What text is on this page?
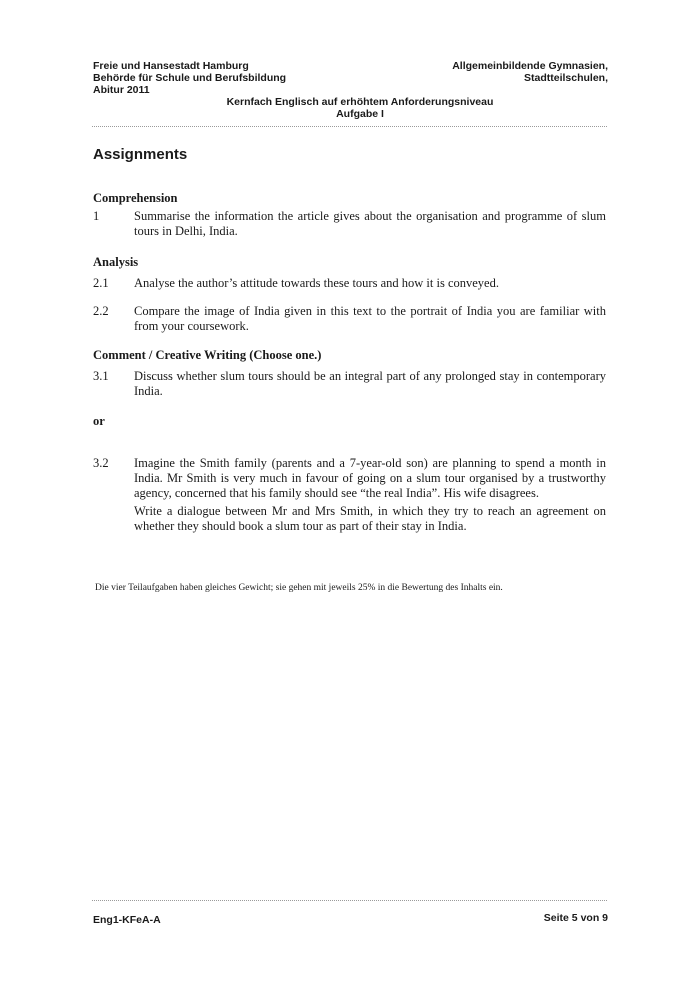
Freie und Hansestadt Hamburg
Behörde für Schule und Berufsbildung
Abitur 2011
Allgemeinbildende Gymnasien,
Stadtteilschulen,
Kernfach Englisch auf erhöhtem Anforderungsniveau
Aufgabe I
Assignments
Comprehension
1	Summarise the information the article gives about the organisation and programme of slum tours in Delhi, India.
Analysis
2.1 Analyse the author’s attitude towards these tours and how it is conveyed.
2.2 Compare the image of India given in this text to the portrait of India you are familiar with from your coursework.
Comment / Creative Writing (Choose one.)
3.1 Discuss whether slum tours should be an integral part of any prolonged stay in contemporary India.
or
3.2 Imagine the Smith family (parents and a 7-year-old son) are planning to spend a month in India. Mr Smith is very much in favour of going on a slum tour organised by a trustworthy agency, concerned that his family should see “the real India”. His wife disagrees.
Write a dialogue between Mr and Mrs Smith, in which they try to reach an agreement on whether they should book a slum tour as part of their stay in India.
Die vier Teilaufgaben haben gleiches Gewicht; sie gehen mit jeweils 25% in die Bewertung des Inhalts ein.
Eng1-KFeA-A	Seite 5 von 9
